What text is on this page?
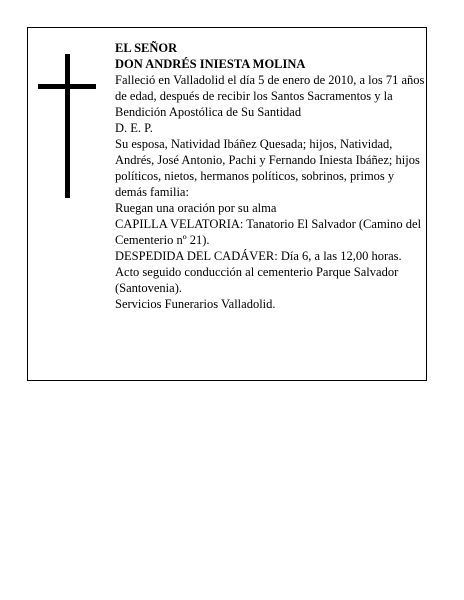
EL SEÑOR

DON ANDRÉS INIESTA MOLINA

Falleció en Valladolid el día 5 de enero de 2010, a los 71 años de edad, después de recibir los Santos Sacramentos y la Bendición Apostólica de Su Santidad

D. E. P.

Su esposa, Natividad Ibáñez Quesada; hijos, Natividad, Andrés, José Antonio, Pachi y Fernando Iniesta Ibáñez; hijos políticos, nietos, hermanos políticos, sobrinos, primos y demás familia:

Ruegan una oración por su alma

CAPILLA VELATORIA: Tanatorio El Salvador (Camino del Cementerio nº 21).

DESPEDIDA DEL CADÁVER: Día 6, a las 12,00 horas. Acto seguido conducción al cementerio Parque Salvador (Santovenia).

Servicios Funerarios Valladolid.
